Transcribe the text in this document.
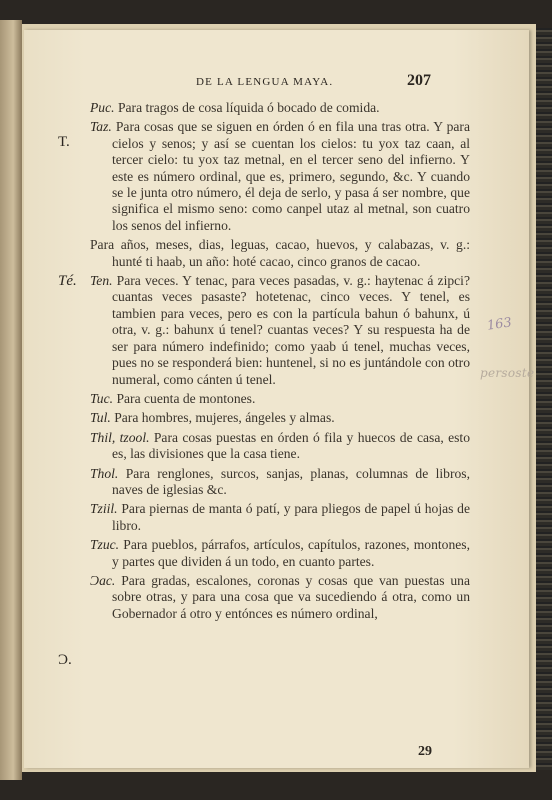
DE LA LENGUA MAYA.	207
T.
Té.
Ɔ.
163
persoste

Puc. Para tragos de cosa líquida ó bocado de comida.

Taz. Para cosas que se siguen en órden ó en fila una tras otra. Y para cielos y senos; y así se cuentan los cielos: tu yox taz caan, al tercer cielo: tu yox taz metnal, en el tercer seno del infierno. Y este es número ordinal, que es, primero, segundo, &c. Y cuando se le junta otro número, él deja de serlo, y pasa á ser nombre, que significa el mismo seno: como canpel utaz al metnal, son cuatro los senos del infierno.

Para años, meses, dias, leguas, cacao, huevos, y calabazas, v. g.: hunté ti haab, un año: hoté cacao, cinco granos de cacao.

Ten. Para veces. Y tenac, para veces pasadas, v. g.: haytenac á zipci? cuantas veces pasaste? hotetenac, cinco veces. Y tenel, es tambien para veces, pero es con la partícula bahun ó bahunx, ú otra, v. g.: bahunx ú tenel? cuantas veces? Y su respuesta ha de ser para número indefinido; como yaab ú tenel, muchas veces, pues no se responderá bien: huntenel, si no es juntándole con otro numeral, como cánten ú tenel.

Tuc. Para cuenta de montones.

Tul. Para hombres, mujeres, ángeles y almas.

Thil, tzool. Para cosas puestas en órden ó fila y huecos de casa, esto es, las divisiones que la casa tiene.

Thol. Para renglones, surcos, sanjas, planas, columnas de libros, naves de iglesias &c.

Tziil. Para piernas de manta ó patí, y para pliegos de papel ú hojas de libro.

Tzuc. Para pueblos, párrafos, artículos, capítulos, razones, montones, y partes que dividen á un todo, en cuanto partes.

Ɔac. Para gradas, escalones, coronas y cosas que van puestas una sobre otras, y para una cosa que va sucediendo á otra, como un Gobernador á otro y entónces es número ordinal,

29
